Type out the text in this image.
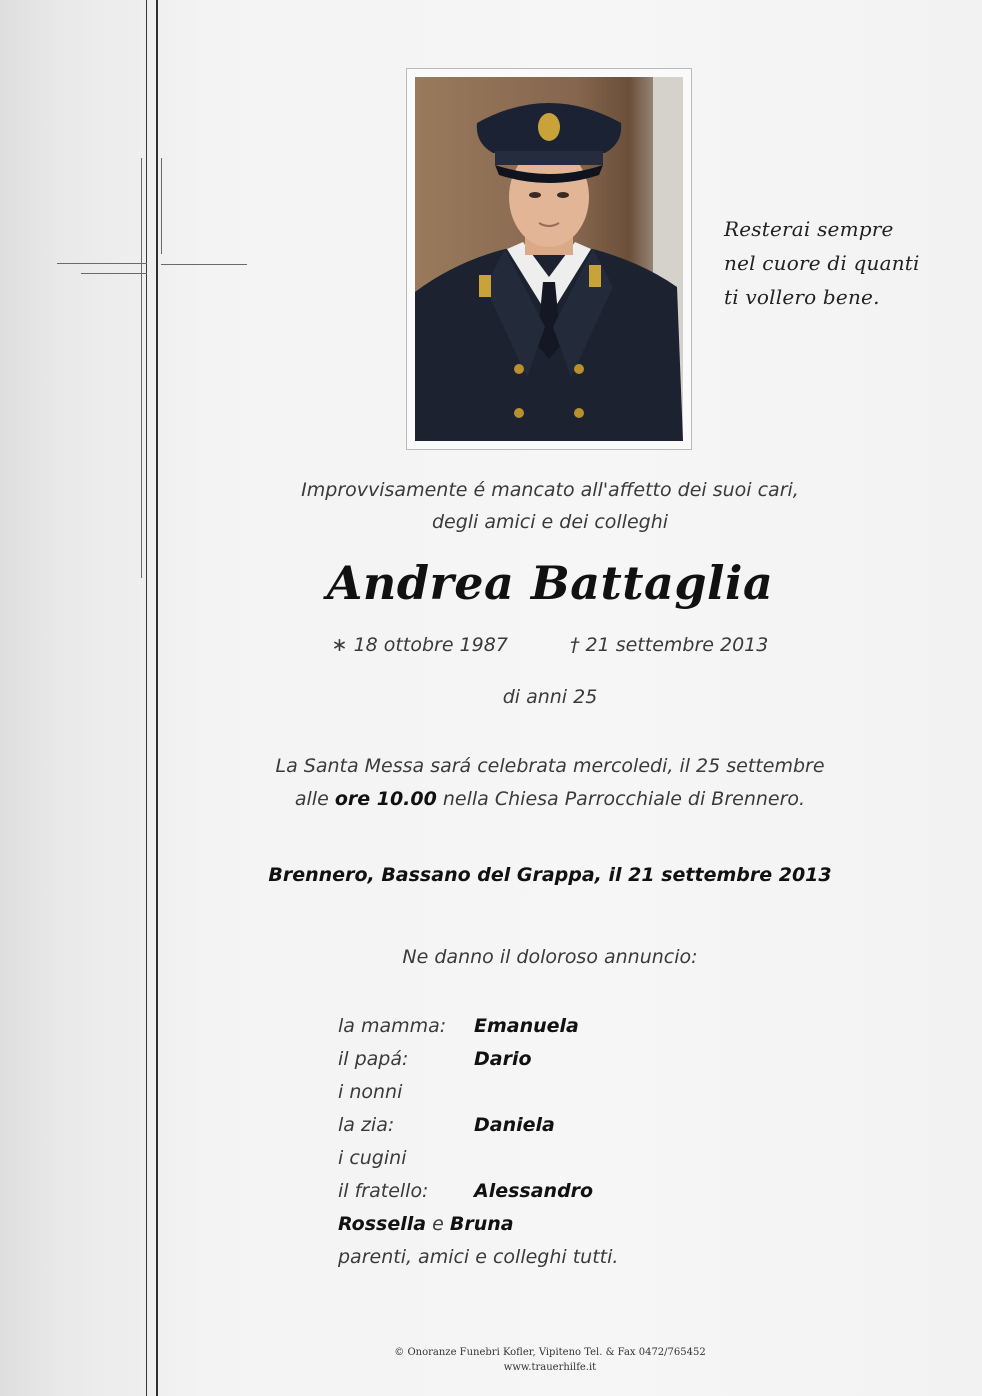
Resterai sempre
nel cuore di quanti
ti vollero bene.
Improvvisamente é mancato all'affetto dei suoi cari,
degli amici e dei colleghi
Andrea Battaglia
∗ 18 ottobre 1987	† 21 settembre 2013
di anni 25
La Santa Messa sará celebrata mercoledi, il 25 settembre
alle ore 10.00 nella Chiesa Parrocchiale di Brennero.
Brennero, Bassano del Grappa, il 21 settembre 2013
Ne danno il doloroso annuncio:
la mamma: Emanuela
il papá:	Dario
i nonni
la zia:	Daniela
i cugini
il fratello: Alessandro
Rossella e Bruna
parenti, amici e colleghi tutti.
© Onoranze Funebri Kofler, Vipiteno Tel. & Fax 0472/765452
www.trauerhilfe.it
